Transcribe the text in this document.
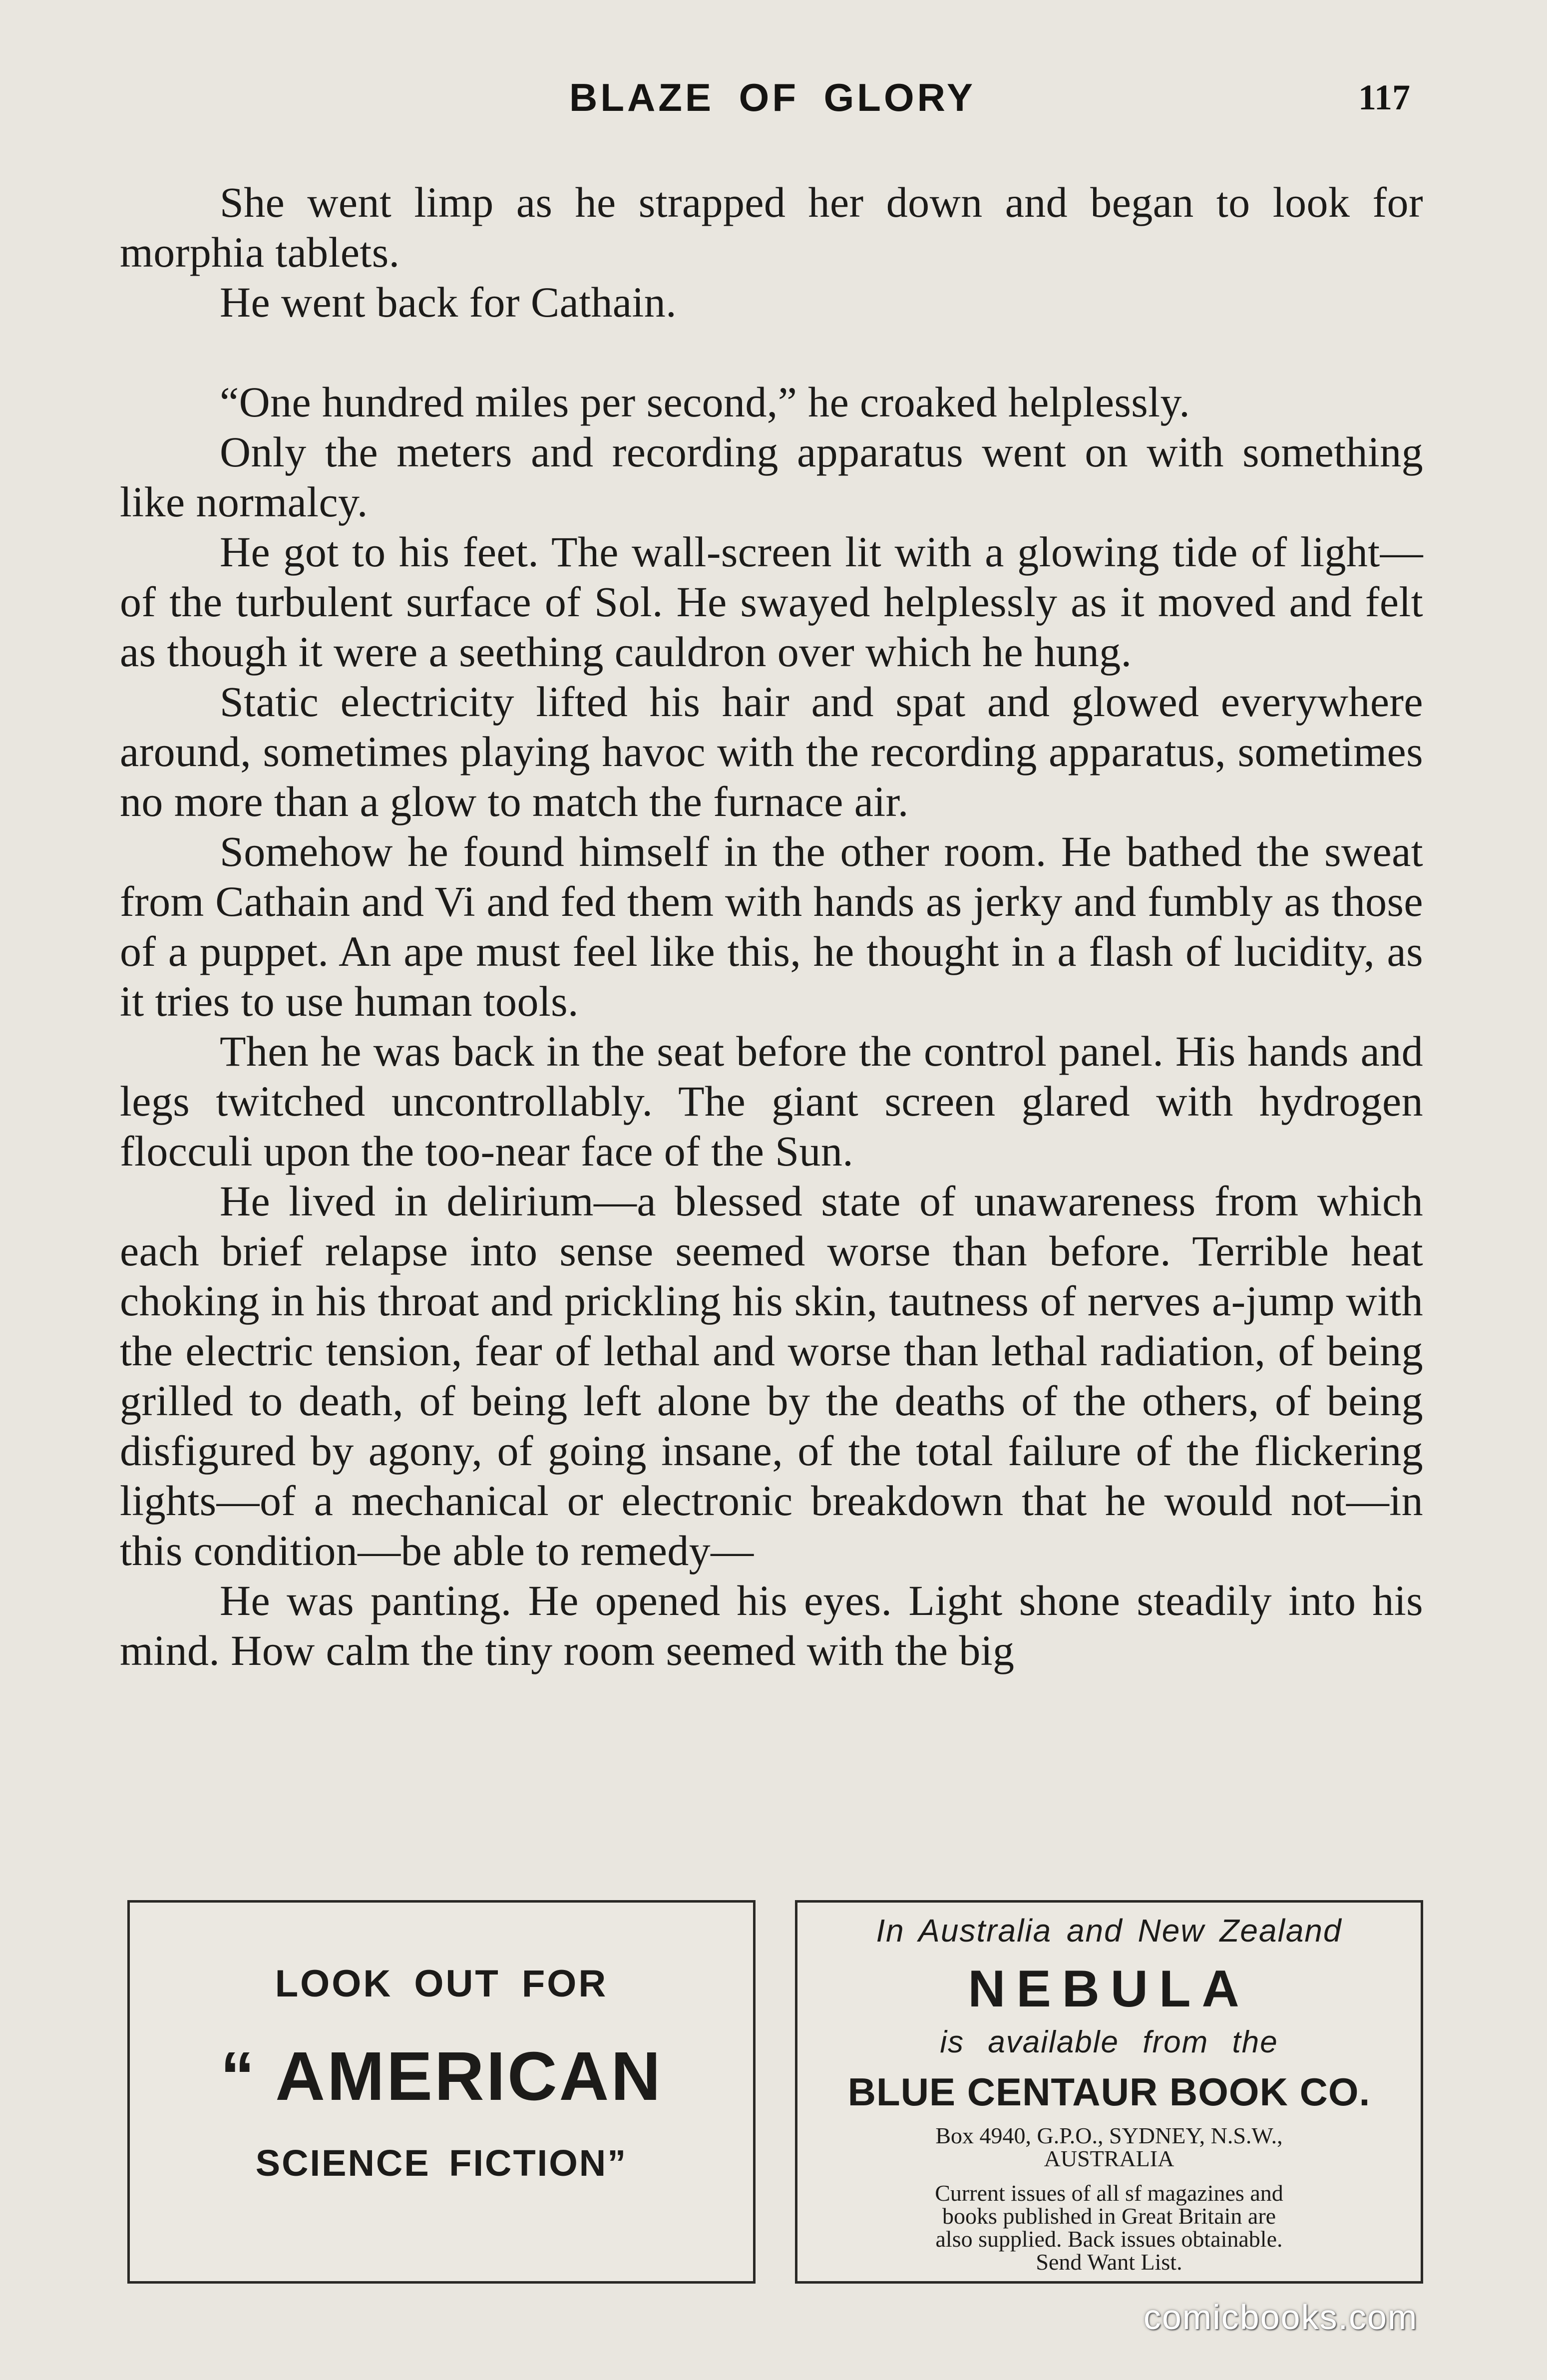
BLAZE OF GLORY	117

She went limp as he strapped her down and began to look for morphia tablets.

He went back for Cathain.

“One hundred miles per second,” he croaked helplessly.

Only the meters and recording apparatus went on with something like normalcy.

He got to his feet. The wall-screen lit with a glowing tide of light—of the turbulent surface of Sol. He swayed helplessly as it moved and felt as though it were a seething cauldron over which he hung.

Static electricity lifted his hair and spat and glowed everywhere around, sometimes playing havoc with the recording apparatus, sometimes no more than a glow to match the furnace air.

Somehow he found himself in the other room. He bathed the sweat from Cathain and Vi and fed them with hands as jerky and fumbly as those of a puppet. An ape must feel like this, he thought in a flash of lucidity, as it tries to use human tools.

Then he was back in the seat before the control panel. His hands and legs twitched uncontrollably. The giant screen glared with hydrogen flocculi upon the too-near face of the Sun.

He lived in delirium—a blessed state of unawareness from which each brief relapse into sense seemed worse than before. Terrible heat choking in his throat and prickling his skin, tautness of nerves a-jump with the electric tension, fear of lethal and worse than lethal radiation, of being grilled to death, of being left alone by the deaths of the others, of being disfigured by agony, of going insane, of the total failure of the flickering lights—of a mechanical or electronic breakdown that he would not—in this condition—be able to remedy—

He was panting. He opened his eyes. Light shone steadily into his mind. How calm the tiny room seemed with the big

LOOK OUT FOR
“ AMERICAN
SCIENCE FICTION”
In Australia and New Zealand
NEBULA
is available from the
BLUE CENTAUR BOOK CO.
Box 4940, G.P.O., SYDNEY, N.S.W.,
AUSTRALIA
Current issues of all sf magazines and
books published in Great Britain are
also supplied. Back issues obtainable.
Send Want List.
comicbooks.com
